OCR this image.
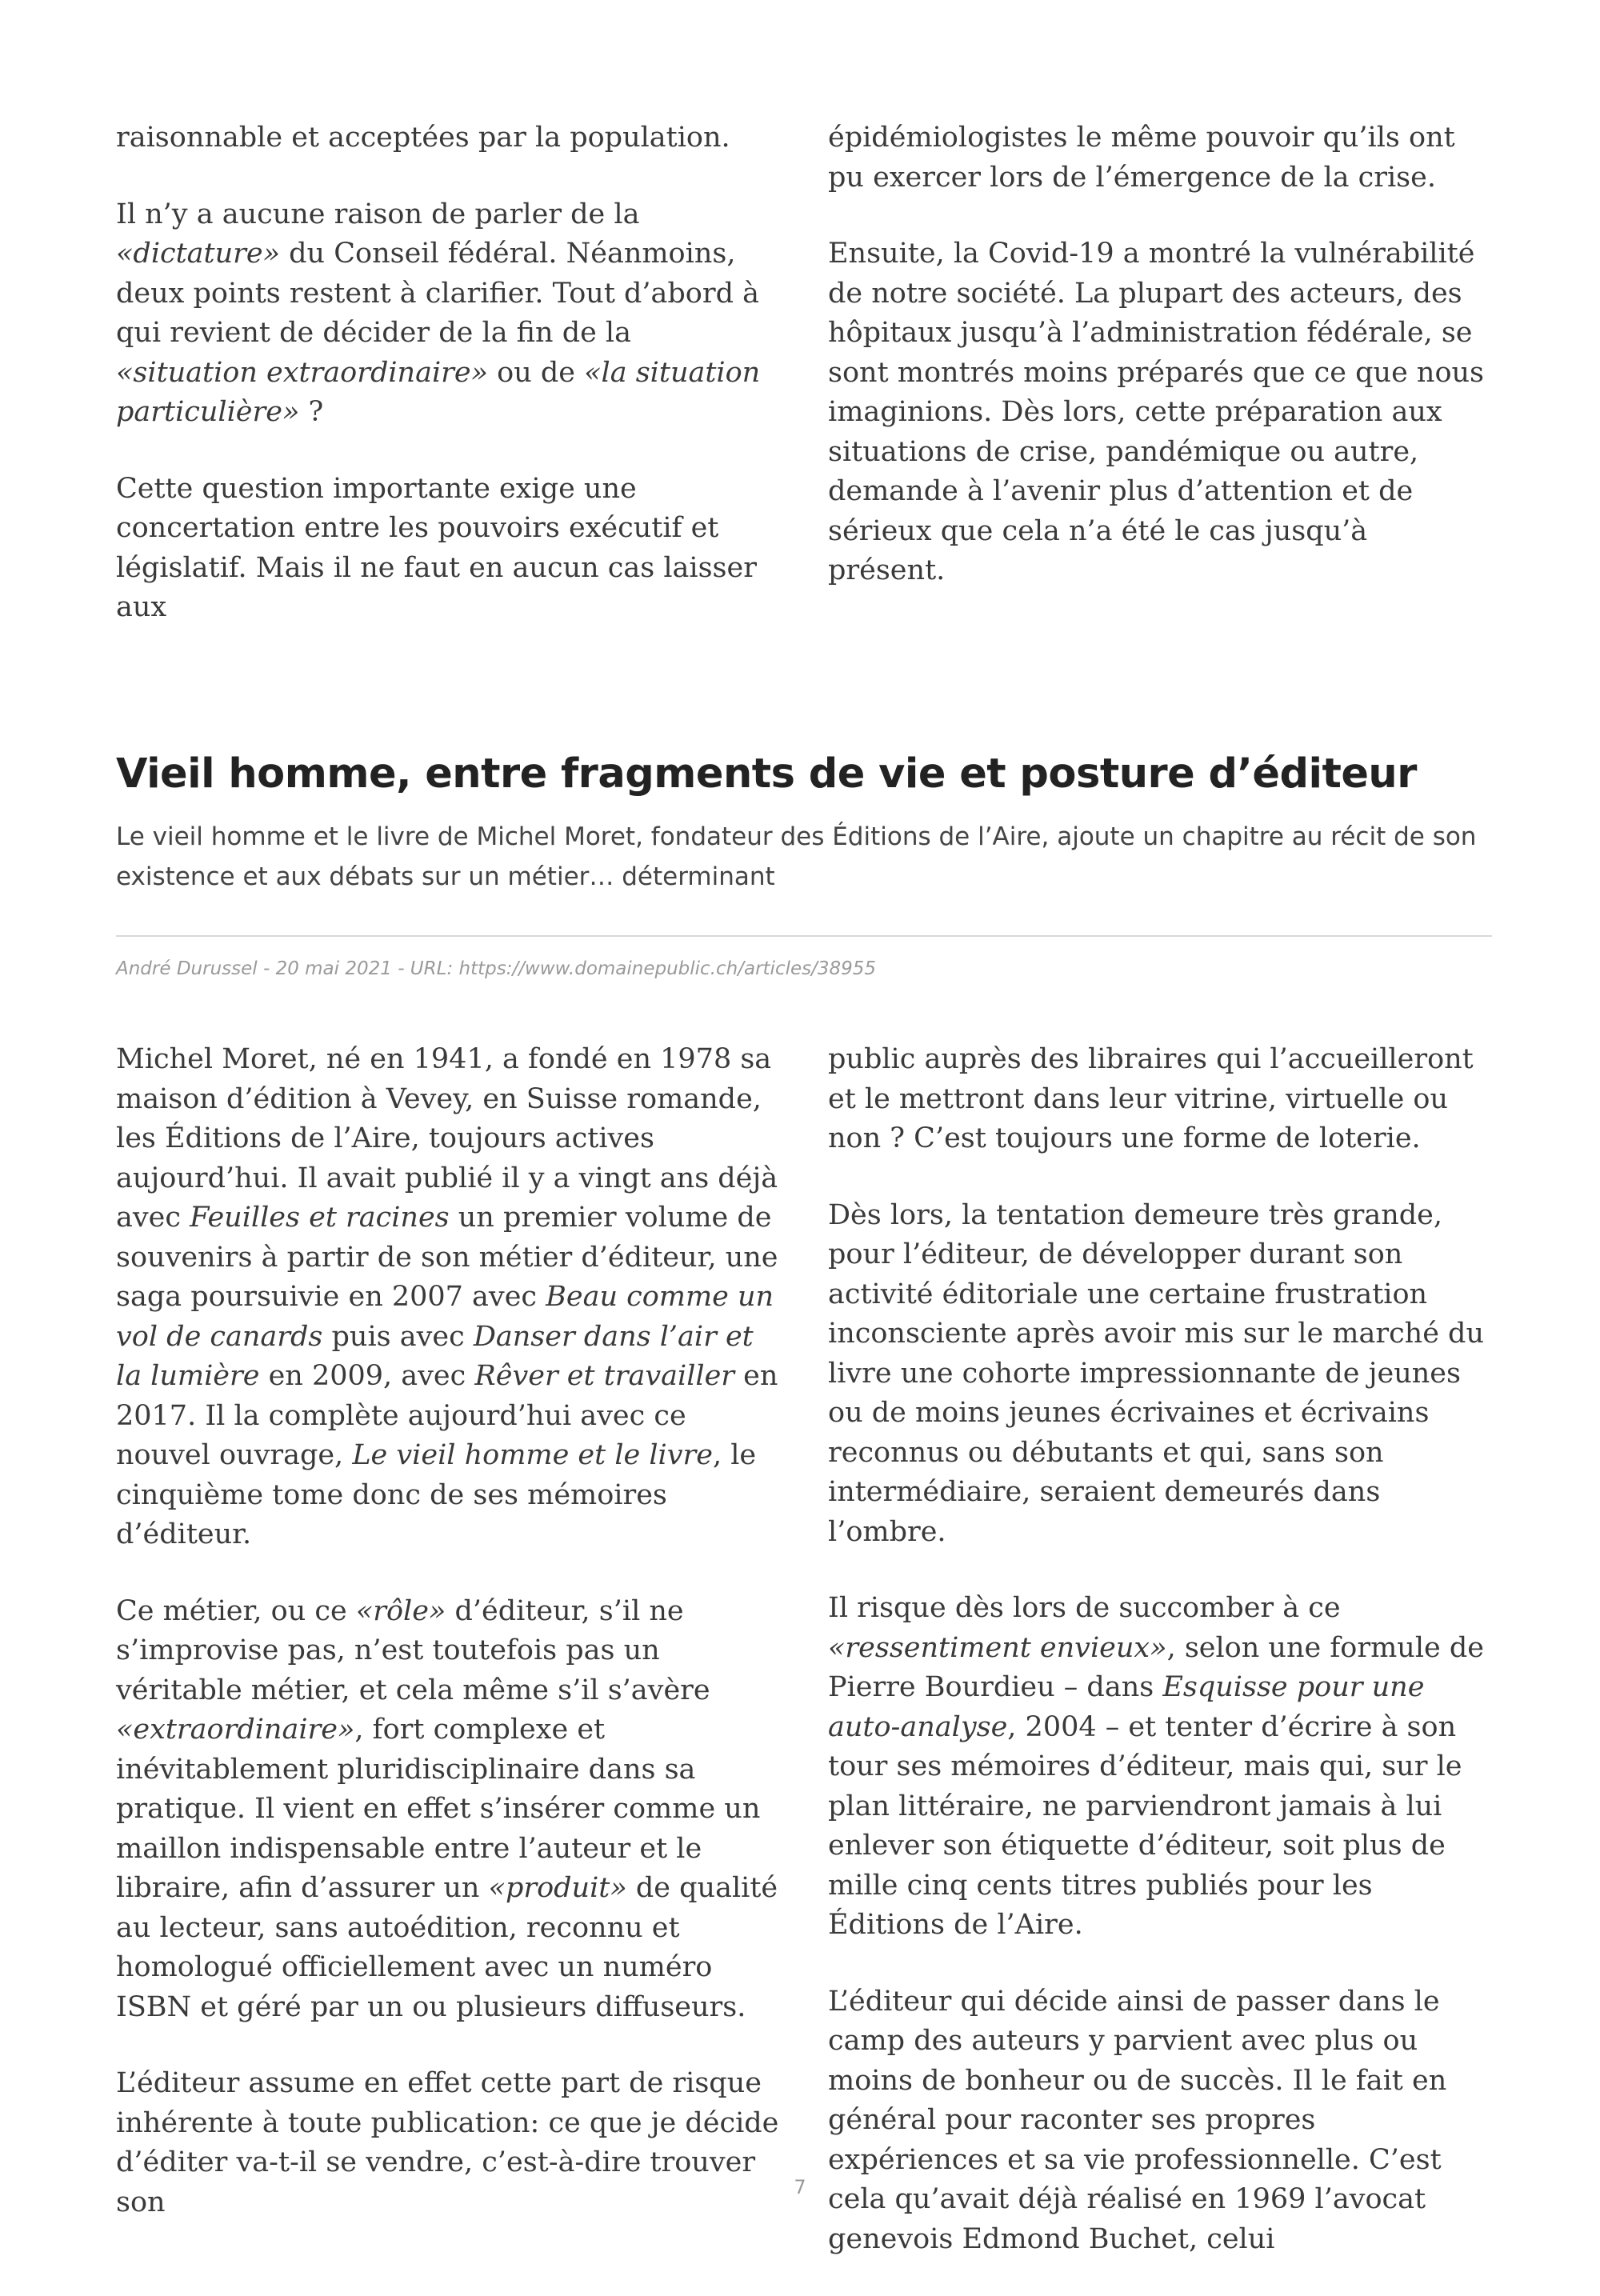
raisonnable et acceptées par la population.

Il n’y a aucune raison de parler de la «dictature» du Conseil fédéral. Néanmoins, deux points restent à clarifier. Tout d’abord à qui revient de décider de la fin de la «situation extraordinaire» ou de «la situation particulière» ?

Cette question importante exige une concertation entre les pouvoirs exécutif et législatif. Mais il ne faut en aucun cas laisser aux

épidémiologistes le même pouvoir qu’ils ont pu exercer lors de l’émergence de la crise.

Ensuite, la Covid-19 a montré la vulnérabilité de notre société. La plupart des acteurs, des hôpitaux jusqu’à l’administration fédérale, se sont montrés moins préparés que ce que nous imaginions. Dès lors, cette préparation aux situations de crise, pandémique ou autre, demande à l’avenir plus d’attention et de sérieux que cela n’a été le cas jusqu’à présent.

Vieil homme, entre fragments de vie et posture d’éditeur

Le vieil homme et le livre de Michel Moret, fondateur des Éditions de l’Aire, ajoute un chapitre au récit de son existence et aux débats sur un métier… déterminant

André Durussel - 20 mai 2021 - URL: https://www.domainepublic.ch/articles/38955

Michel Moret, né en 1941, a fondé en 1978 sa maison d’édition à Vevey, en Suisse romande, les Éditions de l’Aire, toujours actives aujourd’hui. Il avait publié il y a vingt ans déjà avec Feuilles et racines un premier volume de souvenirs à partir de son métier d’éditeur, une saga poursuivie en 2007 avec Beau comme un vol de canards puis avec Danser dans l’air et la lumière en 2009, avec Rêver et travailler en 2017. Il la complète aujourd’hui avec ce nouvel ouvrage, Le vieil homme et le livre, le cinquième tome donc de ses mémoires d’éditeur.

Ce métier, ou ce «rôle» d’éditeur, s’il ne s’improvise pas, n’est toutefois pas un véritable métier, et cela même s’il s’avère «extraordinaire», fort complexe et inévitablement pluridisciplinaire dans sa pratique. Il vient en effet s’insérer comme un maillon indispensable entre l’auteur et le libraire, afin d’assurer un «produit» de qualité au lecteur, sans autoédition, reconnu et homologué officiellement avec un numéro ISBN et géré par un ou plusieurs diffuseurs.

L’éditeur assume en effet cette part de risque inhérente à toute publication: ce que je décide d’éditer va-t-il se vendre, c’est-à-dire trouver son

public auprès des libraires qui l’accueilleront et le mettront dans leur vitrine, virtuelle ou non ? C’est toujours une forme de loterie.

Dès lors, la tentation demeure très grande, pour l’éditeur, de développer durant son activité éditoriale une certaine frustration inconsciente après avoir mis sur le marché du livre une cohorte impressionnante de jeunes ou de moins jeunes écrivaines et écrivains reconnus ou débutants et qui, sans son intermédiaire, seraient demeurés dans l’ombre.

Il risque dès lors de succomber à ce «ressentiment envieux», selon une formule de Pierre Bourdieu – dans Esquisse pour une auto-analyse, 2004 – et tenter d’écrire à son tour ses mémoires d’éditeur, mais qui, sur le plan littéraire, ne parviendront jamais à lui enlever son étiquette d’éditeur, soit plus de mille cinq cents titres publiés pour les Éditions de l’Aire.

L’éditeur qui décide ainsi de passer dans le camp des auteurs y parvient avec plus ou moins de bonheur ou de succès. Il le fait en général pour raconter ses propres expériences et sa vie professionnelle. C’est cela qu’avait déjà réalisé en 1969 l’avocat genevois Edmond Buchet, celui

7
